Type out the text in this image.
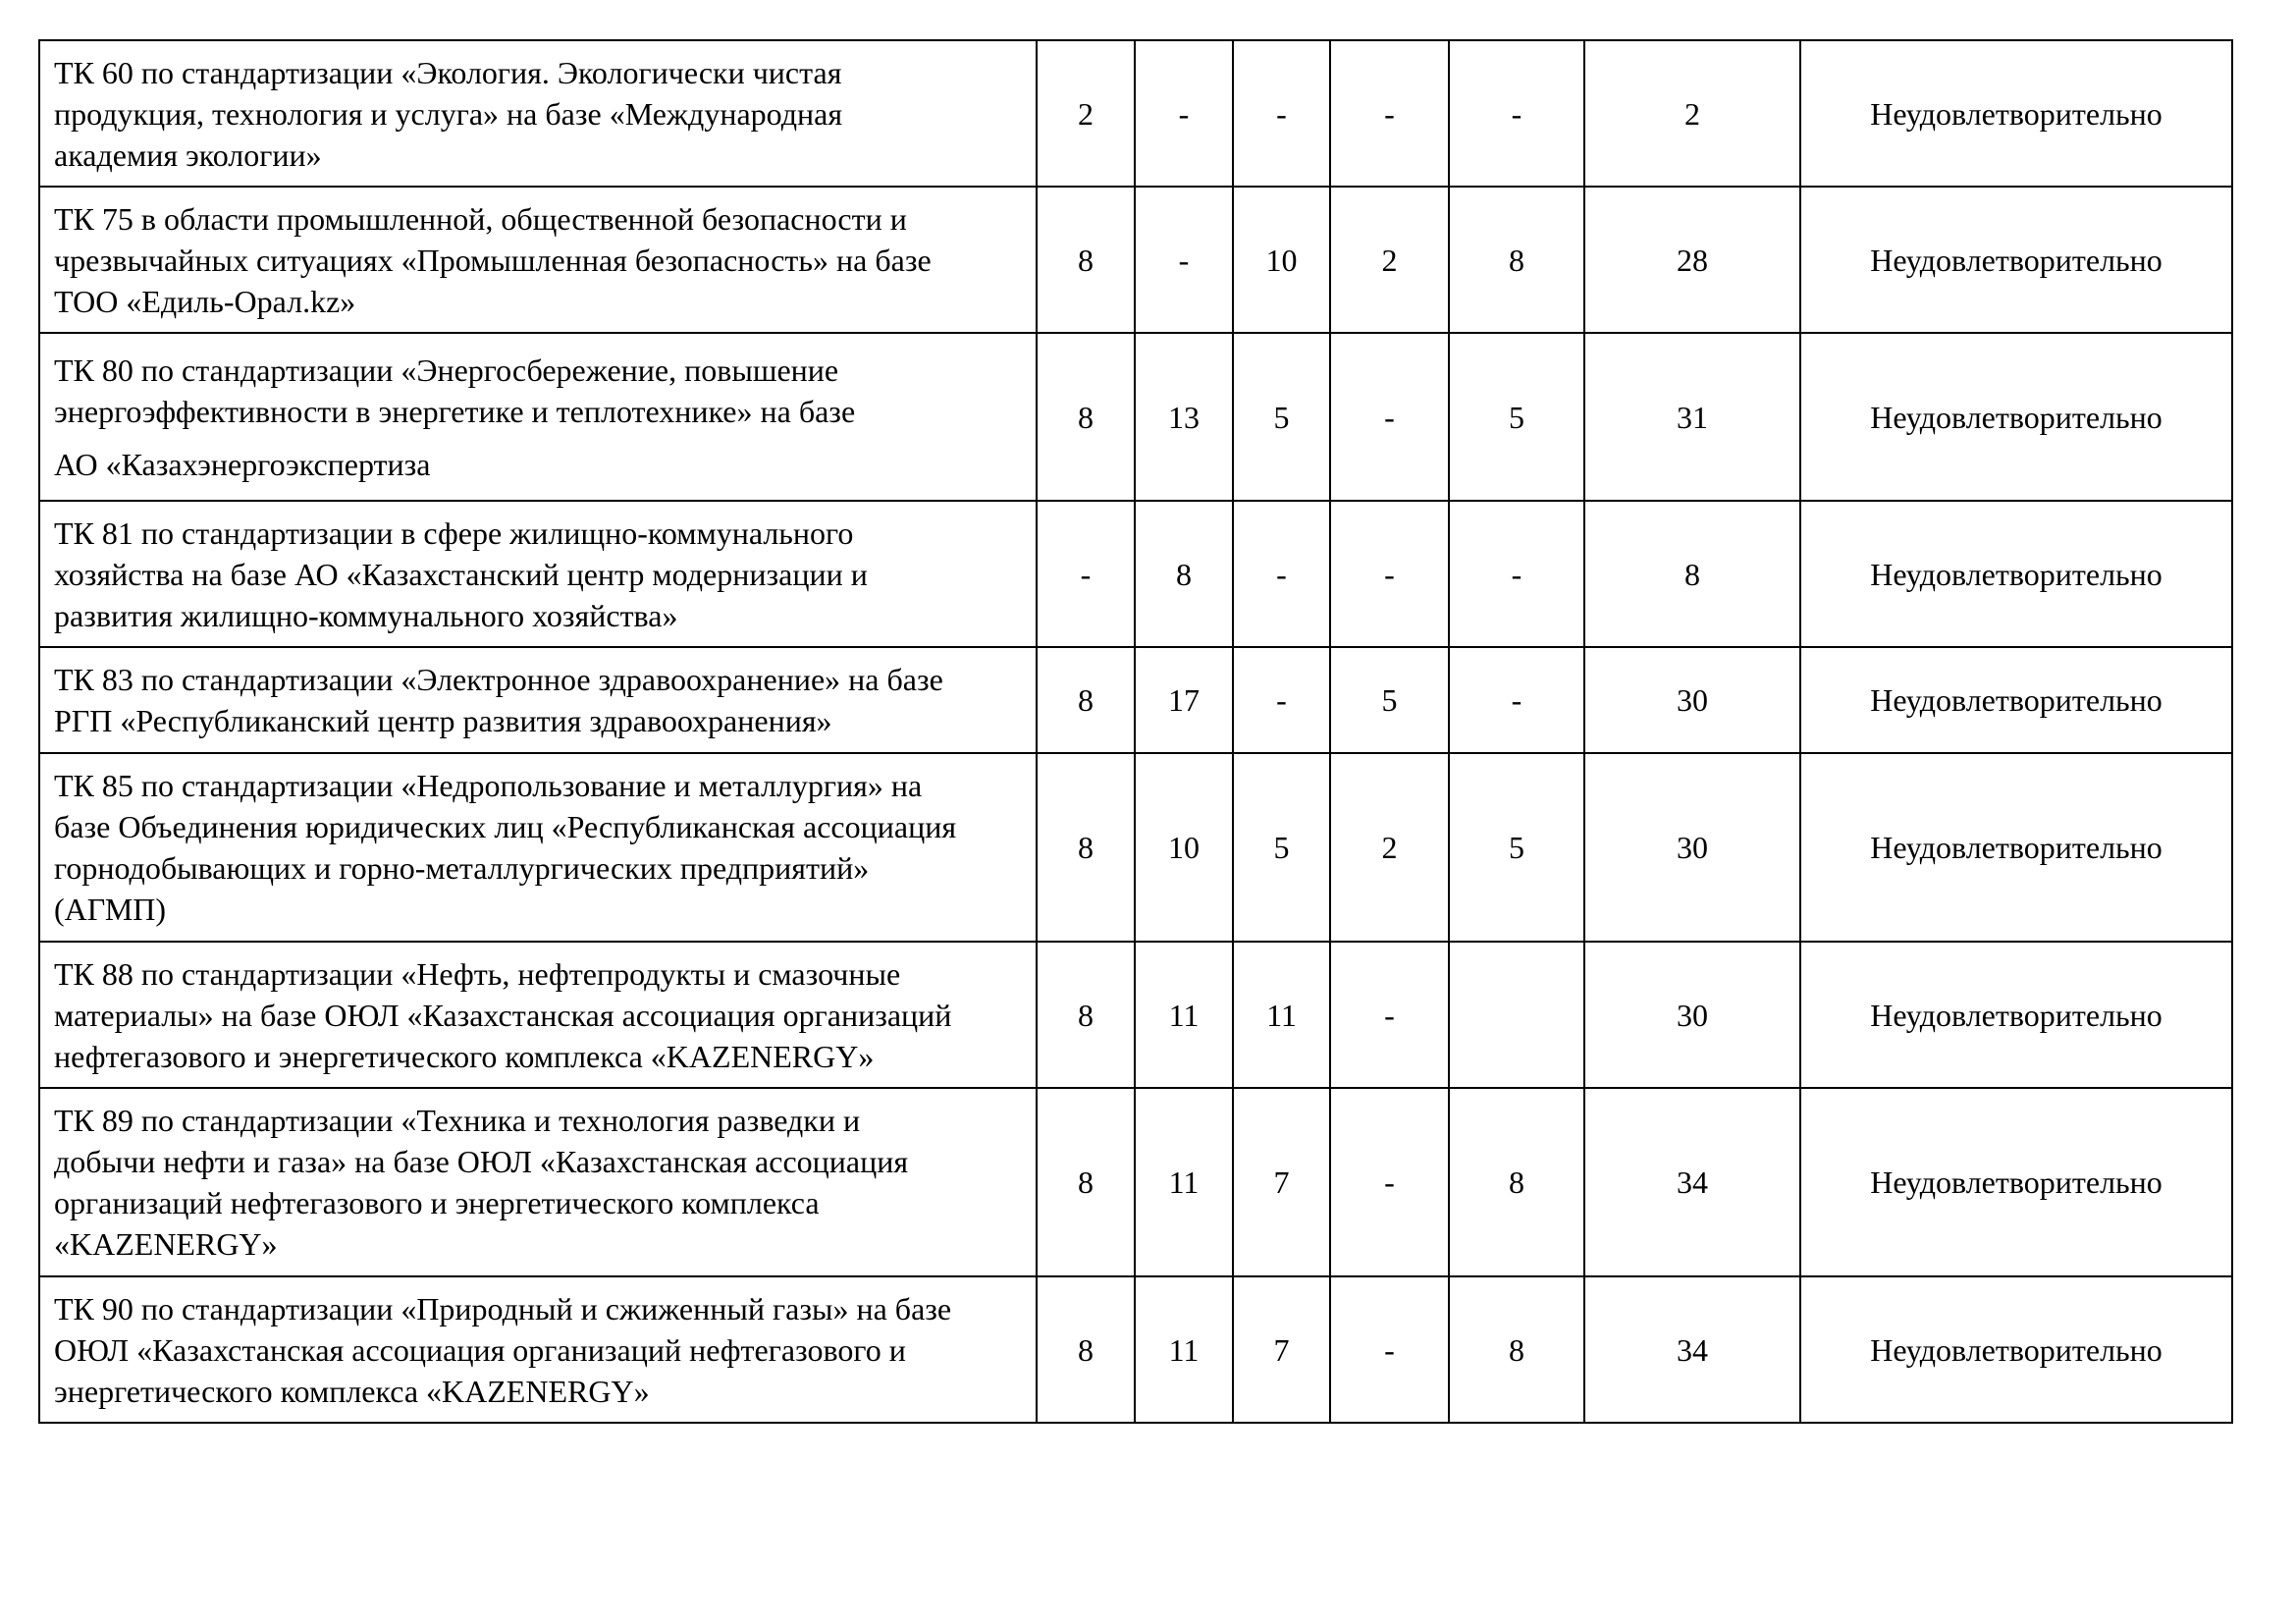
ТК 60 по стандартизации «Экология. Экологически чистая
продукция, технология и услуга» на базе «Международная
академия экологии»	2	-	-	-	-	2	Неудовлетворительно

ТК 75 в области промышленной, общественной безопасности и
чрезвычайных ситуациях «Промышленная безопасность» на базе
ТОО «Едиль-Орал.kz»	8	-	10	2	8	28	Неудовлетворительно

ТК 80 по стандартизации «Энергосбережение, повышение
энергоэффективности в энергетике и теплотехнике» на базе
АО «Казахэнергоэкспертиза	8	13	5	-	5	31	Неудовлетворительно

ТК 81 по стандартизации в сфере жилищно-коммунального
хозяйства на базе АО «Казахстанский центр модернизации и
развития жилищно-коммунального хозяйства»	-	8	-	-	-	8	Неудовлетворительно

ТК 83 по стандартизации «Электронное здравоохранение» на базе
РГП «Республиканский центр развития здравоохранения»	8	17	-	5	-	30	Неудовлетворительно

ТК 85 по стандартизации «Недропользование и металлургия» на
базе Объединения юридических лиц «Республиканская ассоциация
горнодобывающих и горно-металлургических предприятий»
(АГМП)	8	10	5	2	5	30	Неудовлетворительно

ТК 88 по стандартизации «Нефть, нефтепродукты и смазочные
материалы» на базе ОЮЛ «Казахстанская ассоциация организаций
нефтегазового и энергетического комплекса «KAZENERGY»	8	11	11	-		30	Неудовлетворительно

ТК 89 по стандартизации «Техника и технология разведки и
добычи нефти и газа» на базе ОЮЛ «Казахстанская ассоциация
организаций нефтегазового и энергетического комплекса
«KAZENERGY»	8	11	7	-	8	34	Неудовлетворительно

ТК 90 по стандартизации «Природный и сжиженный газы» на базе
ОЮЛ «Казахстанская ассоциация организаций нефтегазового и
энергетического комплекса «KAZENERGY»	8	11	7	-	8	34	Неудовлетворительно
